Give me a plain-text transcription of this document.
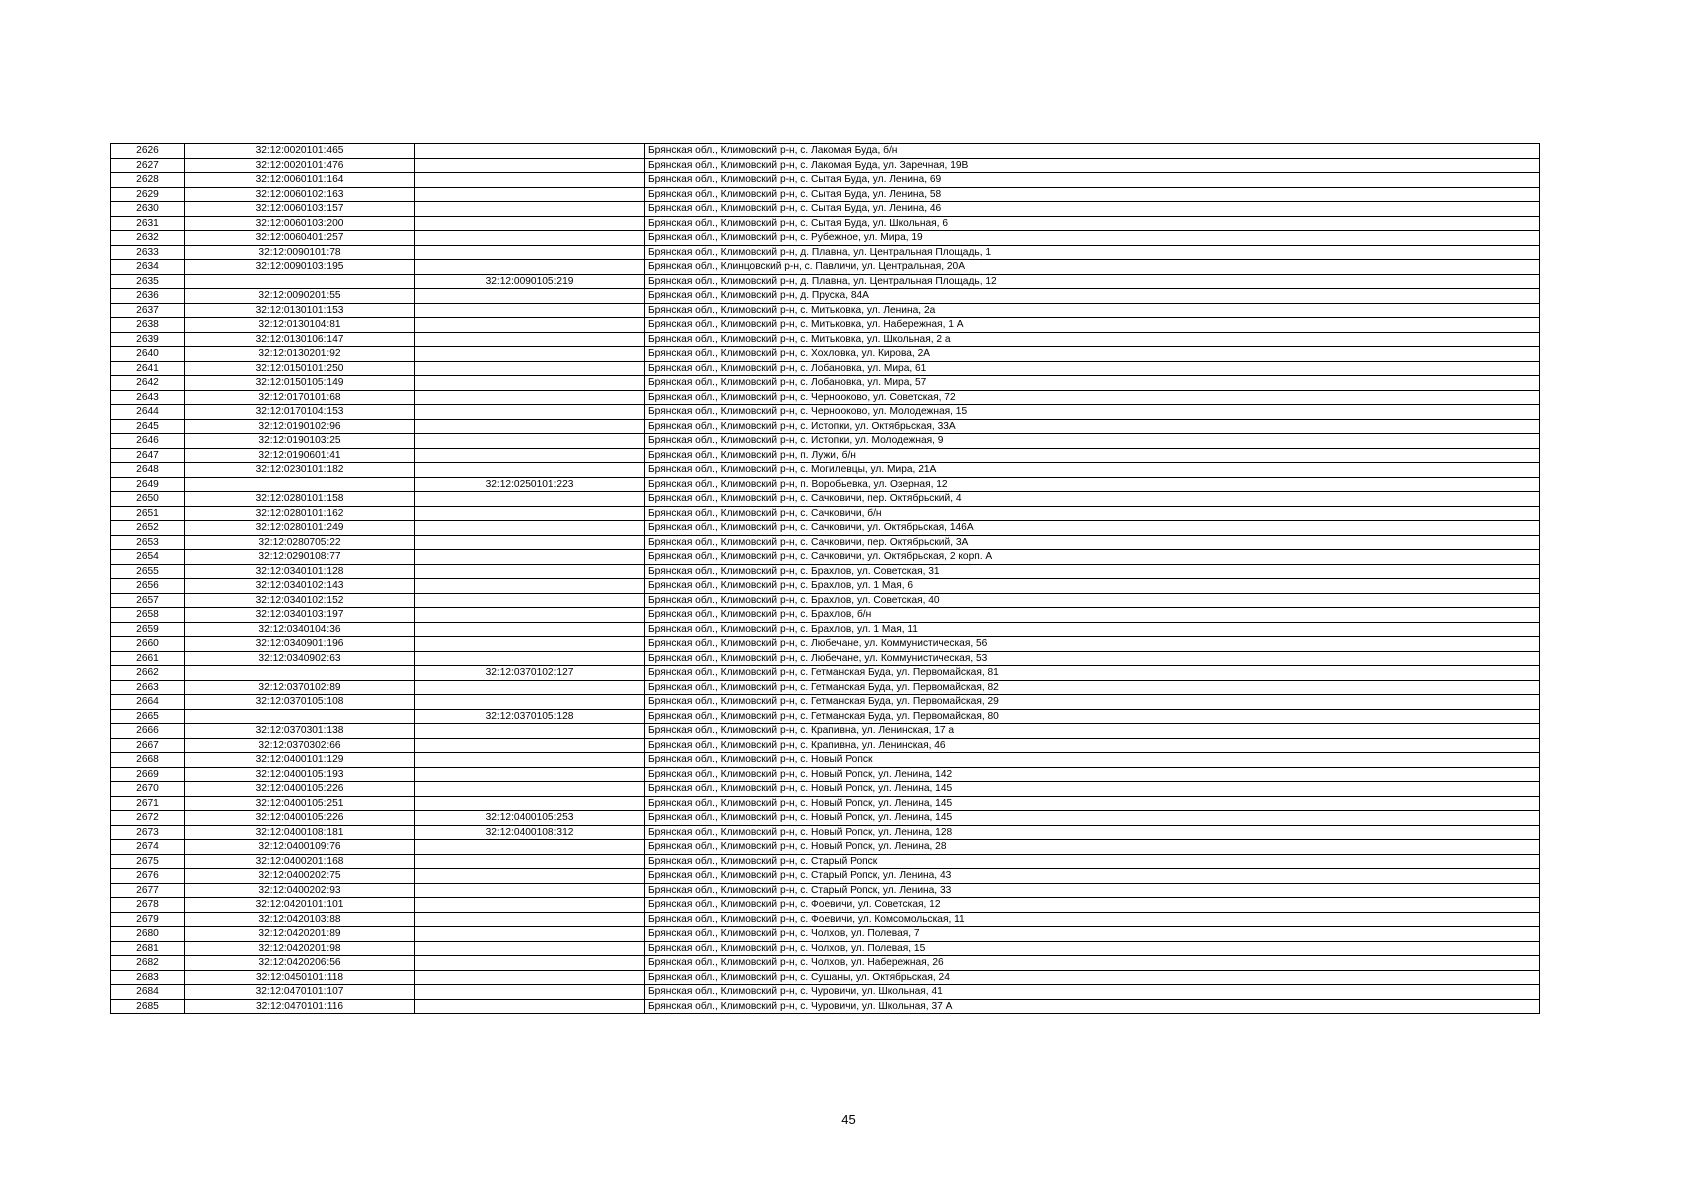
2626	32:12:0020101:465		Брянская обл., Климовский р-н, с. Лакомая Буда, б/н
2627	32:12:0020101:476		Брянская обл., Климовский р-н, с. Лакомая Буда, ул. Заречная, 19В
2628	32:12:0060101:164		Брянская обл., Климовский р-н, с. Сытая Буда, ул. Ленина, 69
2629	32:12:0060102:163		Брянская обл., Климовский р-н, с. Сытая Буда, ул. Ленина, 58
2630	32:12:0060103:157		Брянская обл., Климовский р-н, с. Сытая Буда, ул. Ленина, 46
2631	32:12:0060103:200		Брянская обл., Климовский р-н, с. Сытая Буда, ул. Школьная, 6
2632	32:12:0060401:257		Брянская обл., Климовский р-н, с. Рубежное, ул. Мира, 19
2633	32:12:0090101:78		Брянская обл., Климовский р-н, д. Плавна, ул. Центральная Площадь, 1
2634	32:12:0090103:195		Брянская обл., Клинцовский р-н, с. Павличи, ул. Центральная, 20А
2635		32:12:0090105:219	Брянская обл., Климовский р-н, д. Плавна, ул. Центральная Площадь, 12
2636	32:12:0090201:55		Брянская обл., Климовский р-н, д. Пруска, 84А
2637	32:12:0130101:153		Брянская обл., Климовский р-н, с. Митьковка, ул. Ленина, 2а
2638	32:12:0130104:81		Брянская обл., Климовский р-н, с. Митьковка, ул. Набережная, 1 А
2639	32:12:0130106:147		Брянская обл., Климовский р-н, с. Митьковка, ул. Школьная, 2 а
2640	32:12:0130201:92		Брянская обл., Климовский р-н, с. Хохловка, ул. Кирова, 2А
2641	32:12:0150101:250		Брянская обл., Климовский р-н, с. Лобановка, ул. Мира, 61
2642	32:12:0150105:149		Брянская обл., Климовский р-н, с. Лобановка, ул. Мира, 57
2643	32:12:0170101:68		Брянская обл., Климовский р-н, с. Чернооково, ул. Советская, 72
2644	32:12:0170104:153		Брянская обл., Климовский р-н, с. Чернооково, ул. Молодежная, 15
2645	32:12:0190102:96		Брянская обл., Климовский р-н, с. Истопки, ул. Октябрьская, 33А
2646	32:12:0190103:25		Брянская обл., Климовский р-н, с. Истопки, ул. Молодежная, 9
2647	32:12:0190601:41		Брянская обл., Климовский р-н, п. Лужи, б/н
2648	32:12:0230101:182		Брянская обл., Климовский р-н, с. Могилевцы, ул. Мира, 21А
2649		32:12:0250101:223	Брянская обл., Климовский р-н, п. Воробьевка, ул. Озерная, 12
2650	32:12:0280101:158		Брянская обл., Климовский р-н, с. Сачковичи, пер. Октябрьский, 4
2651	32:12:0280101:162		Брянская обл., Климовский р-н, с. Сачковичи, б/н
2652	32:12:0280101:249		Брянская обл., Климовский р-н, с. Сачковичи, ул. Октябрьская, 146А
2653	32:12:0280705:22		Брянская обл., Климовский р-н, с. Сачковичи, пер. Октябрьский, 3А
2654	32:12:0290108:77		Брянская обл., Климовский р-н, с. Сачковичи, ул. Октябрьская, 2 корп. А
2655	32:12:0340101:128		Брянская обл., Климовский р-н, с. Брахлов, ул. Советская, 31
2656	32:12:0340102:143		Брянская обл., Климовский р-н, с. Брахлов, ул. 1 Мая, 6
2657	32:12:0340102:152		Брянская обл., Климовский р-н, с. Брахлов, ул. Советская, 40
2658	32:12:0340103:197		Брянская обл., Климовский р-н, с. Брахлов, б/н
2659	32:12:0340104:36		Брянская обл., Климовский р-н, с. Брахлов, ул. 1 Мая, 11
2660	32:12:0340901:196		Брянская обл., Климовский р-н, с. Любечане, ул. Коммунистическая, 56
2661	32:12:0340902:63		Брянская обл., Климовский р-н, с. Любечане, ул. Коммунистическая, 53
2662		32:12:0370102:127	Брянская обл., Климовский р-н, с. Гетманская Буда, ул. Первомайская, 81
2663	32:12:0370102:89		Брянская обл., Климовский р-н, с. Гетманская Буда, ул. Первомайская, 82
2664	32:12:0370105:108		Брянская обл., Климовский р-н, с. Гетманская Буда, ул. Первомайская, 29
2665		32:12:0370105:128	Брянская обл., Климовский р-н, с. Гетманская Буда, ул. Первомайская, 80
2666	32:12:0370301:138		Брянская обл., Климовский р-н, с. Крапивна, ул. Ленинская, 17 а
2667	32:12:0370302:66		Брянская обл., Климовский р-н, с. Крапивна, ул. Ленинская, 46
2668	32:12:0400101:129		Брянская обл., Климовский р-н, с. Новый Ропск
2669	32:12:0400105:193		Брянская обл., Климовский р-н, с. Новый Ропск, ул. Ленина, 142
2670	32:12:0400105:226		Брянская обл., Климовский р-н, с. Новый Ропск, ул. Ленина, 145
2671	32:12:0400105:251		Брянская обл., Климовский р-н, с. Новый Ропск, ул. Ленина, 145
2672	32:12:0400105:226	32:12:0400105:253	Брянская обл., Климовский р-н, с. Новый Ропск, ул. Ленина, 145
2673	32:12:0400108:181	32:12:0400108:312	Брянская обл., Климовский р-н, с. Новый Ропск, ул. Ленина, 128
2674	32:12:0400109:76		Брянская обл., Климовский р-н, с. Новый Ропск, ул. Ленина, 28
2675	32:12:0400201:168		Брянская обл., Климовский р-н, с. Старый Ропск
2676	32:12:0400202:75		Брянская обл., Климовский р-н, с. Старый Ропск, ул. Ленина, 43
2677	32:12:0400202:93		Брянская обл., Климовский р-н, с. Старый Ропск, ул. Ленина, 33
2678	32:12:0420101:101		Брянская обл., Климовский р-н, с. Фоевичи, ул. Советская, 12
2679	32:12:0420103:88		Брянская обл., Климовский р-н, с. Фоевичи, ул. Комсомольская, 11
2680	32:12:0420201:89		Брянская обл., Климовский р-н, с. Чолхов, ул. Полевая, 7
2681	32:12:0420201:98		Брянская обл., Климовский р-н, с. Чолхов, ул. Полевая, 15
2682	32:12:0420206:56		Брянская обл., Климовский р-н, с. Чолхов, ул. Набережная, 26
2683	32:12:0450101:118		Брянская обл., Климовский р-н, с. Сушаны, ул. Октябрьская, 24
2684	32:12:0470101:107		Брянская обл., Климовский р-н, с. Чуровичи, ул. Школьная, 41
2685	32:12:0470101:116		Брянская обл., Климовский р-н, с. Чуровичи, ул. Школьная, 37 А
45
